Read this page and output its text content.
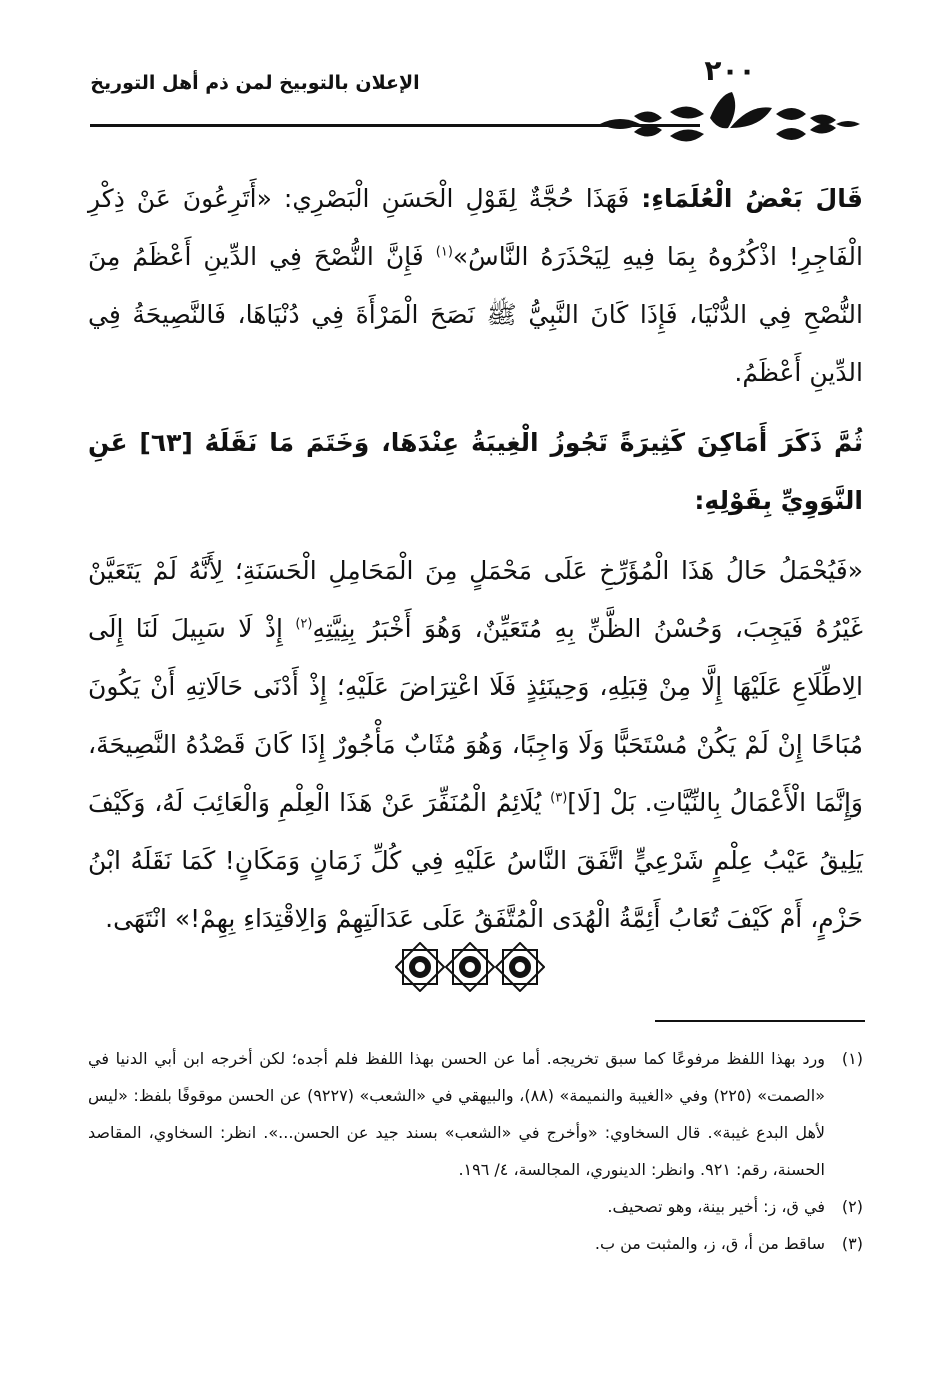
٢٠٠
الإعلان بالتوبيخ لمن ذم أهل التوريخ

قَالَ بَعْضُ الْعُلَمَاءِ: فَهَذَا حُجَّةٌ لِقَوْلِ الْحَسَنِ الْبَصْرِي: «أَتَرِعُونَ عَنْ ذِكْرِ الْفَاجِرِ! اذْكُرُوهُ بِمَا فِيهِ لِيَحْذَرَهُ النَّاسُ»$^{(١)}$ فَإِنَّ النُّصْحَ فِي الدِّينِ أَعْظَمُ مِنَ النُّصْحِ فِي الدُّنْيَا، فَإِذَا كَانَ النَّبِيُّ ﷺ نَصَحَ الْمَرْأَةَ فِي دُنْيَاهَا، فَالنَّصِيحَةُ فِي الدِّينِ أَعْظَمُ.

ثُمَّ ذَكَرَ أَمَاكِنَ كَثِيرَةً تَجُوزُ الْغِيبَةُ عِنْدَهَا، وَخَتَمَ مَا نَقَلَهُ [٦٣] عَنِ النَّوَوِيِّ بِقَوْلِهِ:

«فَيُحْمَلُ حَالُ هَذَا الْمُؤَرِّخِ عَلَى مَحْمَلٍ مِنَ الْمَحَامِلِ الْحَسَنَةِ؛ لِأَنَّهُ لَمْ يَتَعَيَّنْ غَيْرُهُ فَيَجِبَ، وَحُسْنُ الظَّنِّ بِهِ مُتَعَيِّنٌ، وَهُوَ أَخْبَرُ بِنِيَّتِهِ$^{(٢)}$ إِذْ لَا سَبِيلَ لَنَا إِلَى الِاطِّلَاعِ عَلَيْهَا إِلَّا مِنْ قِبَلِهِ، وَحِينَئِذٍ فَلَا اعْتِرَاضَ عَلَيْهِ؛ إِذْ أَدْنَى حَالَاتِهِ أَنْ يَكُونَ مُبَاحًا إِنْ لَمْ يَكُنْ مُسْتَحَبًّا وَلَا وَاجِبًا، وَهُوَ مُثَابٌ مَأْجُورٌ إِذَا كَانَ قَصْدُهُ النَّصِيحَةَ، وَإِنَّمَا الْأَعْمَالُ بِالنِّيَّاتِ. بَلْ [لَا]$^{(٣)}$ يُلَائِمُ الْمُنَفِّرَ عَنْ هَذَا الْعِلْمِ وَالْعَائِبَ لَهُ، وَكَيْفَ يَلِيقُ عَيْبُ عِلْمٍ شَرْعِيٍّ اتَّفَقَ النَّاسُ عَلَيْهِ فِي كُلِّ زَمَانٍ وَمَكَانٍ! كَمَا نَقَلَهُ ابْنُ حَزْمٍ، أَمْ كَيْفَ تُعَابُ أَئِمَّةُ الْهُدَى الْمُتَّفَقُ عَلَى عَدَالَتِهِمْ وَالِاقْتِدَاءِ بِهِمْ!» انْتَهَى.

(١)
ورد بهذا اللفظ مرفوعًا كما سبق تخريجه. أما عن الحسن بهذا اللفظ فلم أجده؛ لكن أخرجه ابن أبي الدنيا في «الصمت» (٢٢٥) وفي «الغيبة والنميمة» (٨٨)، والبيهقي في «الشعب» (٩٢٢٧) عن الحسن موقوفًا بلفظ: «ليس لأهل البدع غيبة». قال السخاوي: «وأخرج في «الشعب» بسند جيد عن الحسن...». انظر: السخاوي، المقاصد الحسنة، رقم: ٩٢١. وانظر: الدينوري، المجالسة، ٤/ ١٩٦.

(٢)
في ق، ز: أخير بينة، وهو تصحيف.

(٣)
ساقط من أ، ق، ز، والمثبت من ب.
